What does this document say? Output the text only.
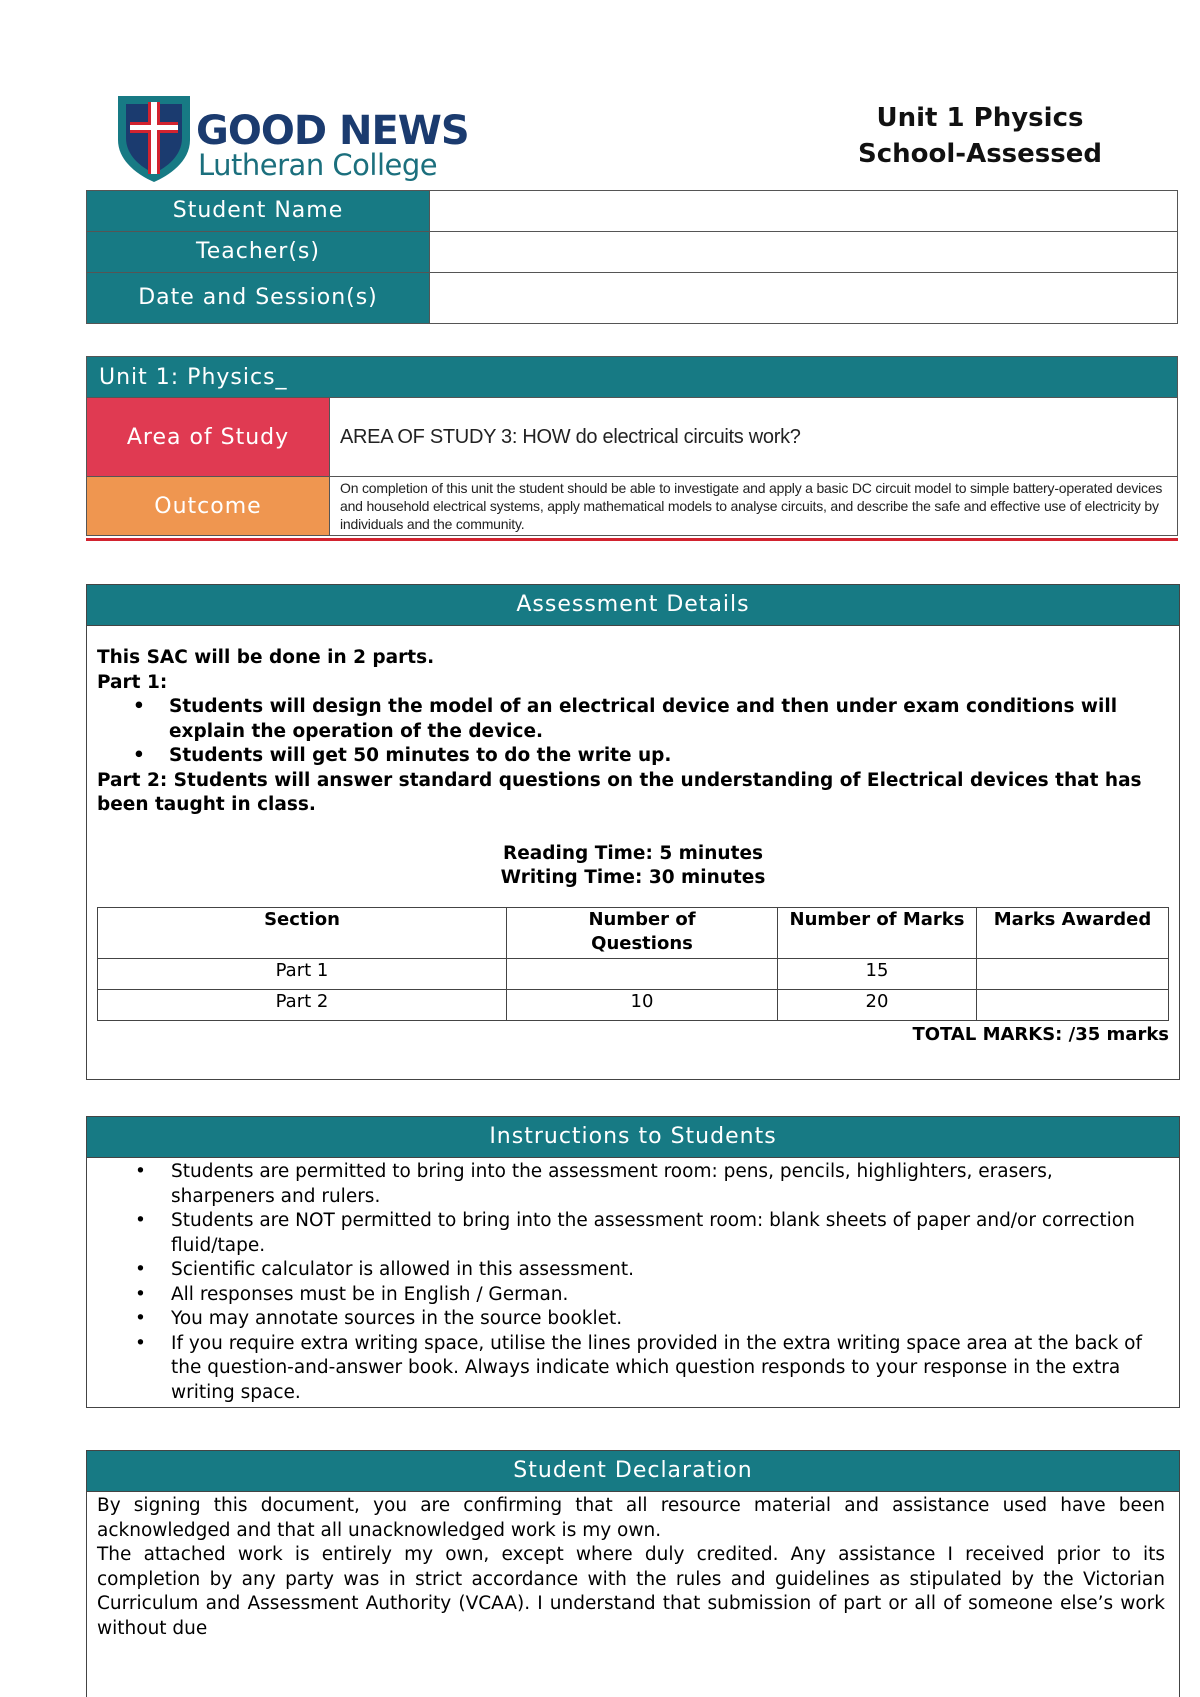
GOOD NEWS
Lutheran College
Unit 1 Physics
School-Assessed
Student Name	
Teacher(s)	
Date and Session(s)	
Unit 1: Physics_	
Area of Study	AREA OF STUDY 3: HOW do electrical circuits work?
Outcome	On completion of this unit the student should be able to investigate and apply a basic DC circuit model to simple battery-operated devices and household electrical systems, apply mathematical models to analyse circuits, and describe the safe and effective use of electricity by individuals and the community.
Assessment Details
This SAC will be done in 2 parts.
Part 1:
• Students will design the model of an electrical device and then under exam conditions will explain the operation of the device.
• Students will get 50 minutes to do the write up.
Part 2: Students will answer standard questions on the understanding of Electrical devices that has been taught in class.
Reading Time: 5 minutes
Writing Time: 30 minutes
Section	Number of Questions	Number of Marks	Marks Awarded
Part 1		15	
Part 2	10	20	
TOTAL MARKS: /35 marks
Instructions to Students
• Students are permitted to bring into the assessment room: pens, pencils, highlighters, erasers, sharpeners and rulers.
• Students are NOT permitted to bring into the assessment room: blank sheets of paper and/or correction fluid/tape.
• Scientific calculator is allowed in this assessment.
• All responses must be in English / German.
• You may annotate sources in the source booklet.
• If you require extra writing space, utilise the lines provided in the extra writing space area at the back of the question-and-answer book. Always indicate which question responds to your response in the extra writing space.
Student Declaration

By signing this document, you are confirming that all resource material and assistance used have been acknowledged and that all unacknowledged work is my own.

The attached work is entirely my own, except where duly credited. Any assistance I received prior to its completion by any party was in strict accordance with the rules and guidelines as stipulated by the Victorian Curriculum and Assessment Authority (VCAA). I understand that submission of part or all of someone else’s work without due
